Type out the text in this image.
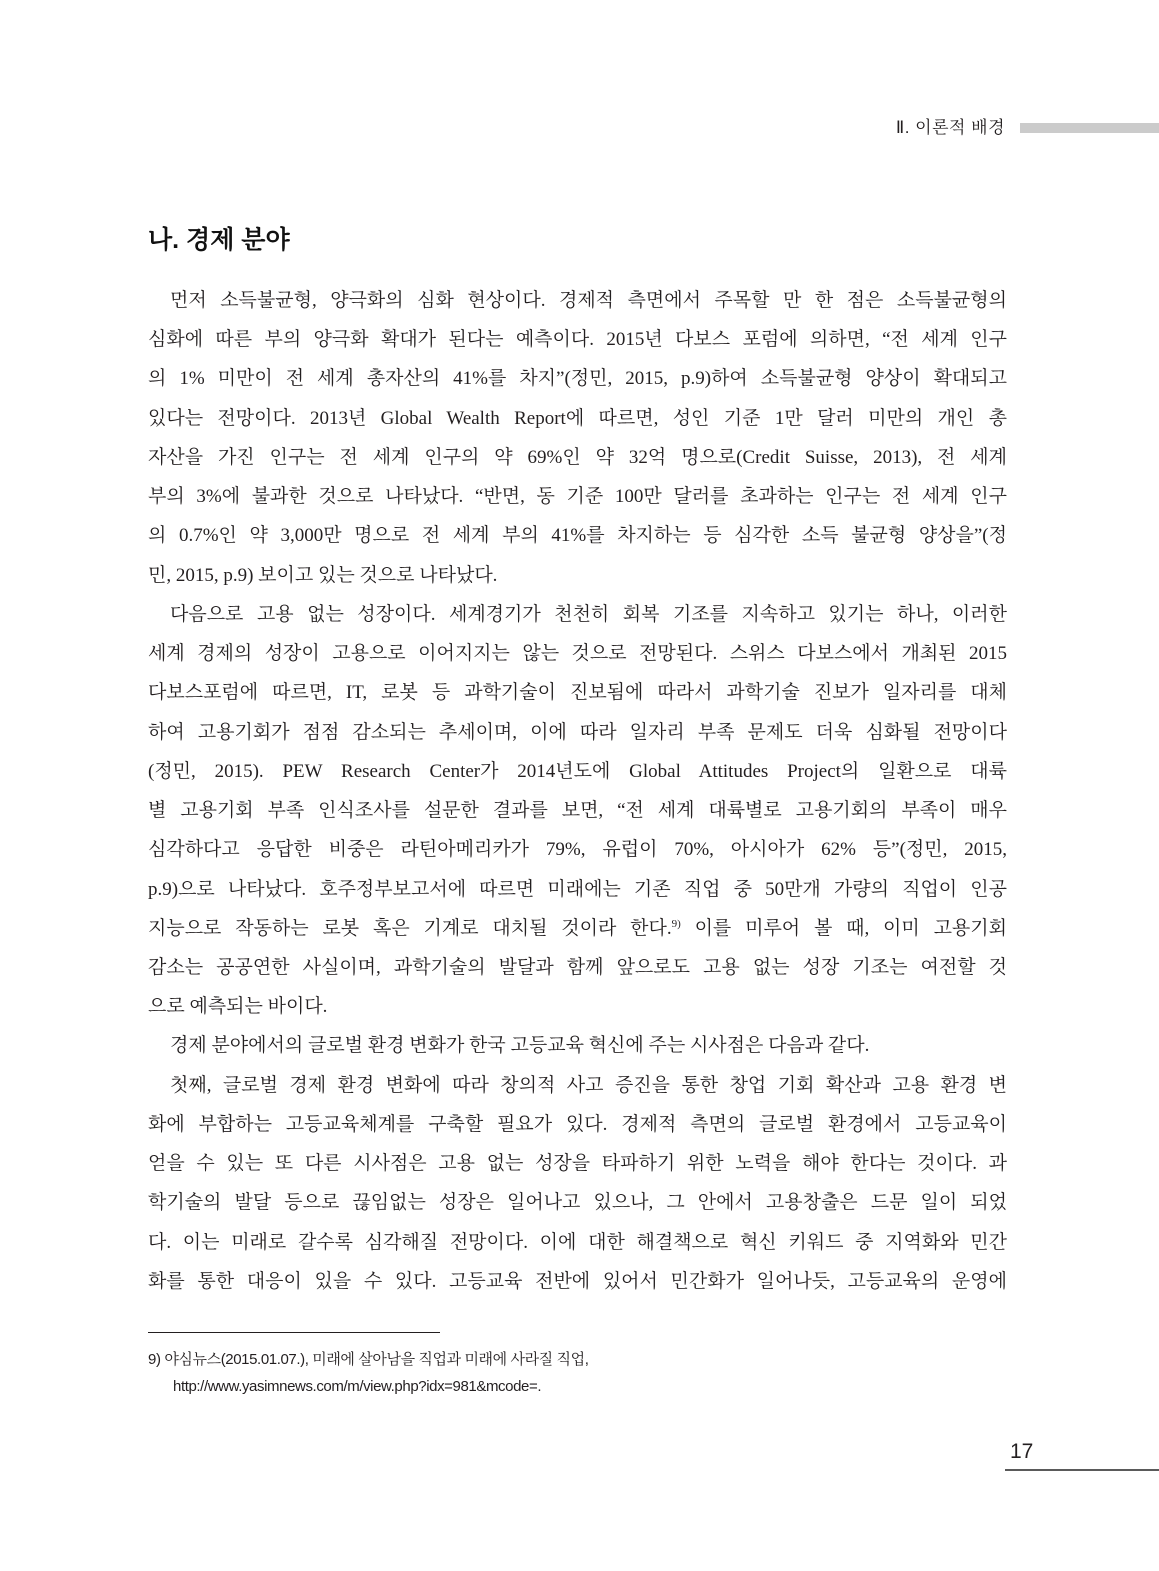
Ⅱ. 이론적 배경
나. 경제 분야
먼저 소득불균형, 양극화의 심화 현상이다. 경제적 측면에서 주목할 만 한 점은 소득불균형의
심화에 따른 부의 양극화 확대가 된다는 예측이다. 2015년 다보스 포럼에 의하면, “전 세계 인구
의 1% 미만이 전 세계 총자산의 41%를 차지”(정민, 2015, p.9)하여 소득불균형 양상이 확대되고
있다는 전망이다. 2013년 Global Wealth Report에 따르면, 성인 기준 1만 달러 미만의 개인 총
자산을 가진 인구는 전 세계 인구의 약 69%인 약 32억 명으로(Credit Suisse, 2013), 전 세계
부의 3%에 불과한 것으로 나타났다. “반면, 동 기준 100만 달러를 초과하는 인구는 전 세계 인구
의 0.7%인 약 3,000만 명으로 전 세계 부의 41%를 차지하는 등 심각한 소득 불균형 양상을”(정
민, 2015, p.9) 보이고 있는 것으로 나타났다.
다음으로 고용 없는 성장이다. 세계경기가 천천히 회복 기조를 지속하고 있기는 하나, 이러한
세계 경제의 성장이 고용으로 이어지지는 않는 것으로 전망된다. 스위스 다보스에서 개최된 2015
다보스포럼에 따르면, IT, 로봇 등 과학기술이 진보됨에 따라서 과학기술 진보가 일자리를 대체
하여 고용기회가 점점 감소되는 추세이며, 이에 따라 일자리 부족 문제도 더욱 심화될 전망이다
(정민, 2015). PEW Research Center가 2014년도에 Global Attitudes Project의 일환으로 대륙
별 고용기회 부족 인식조사를 설문한 결과를 보면, “전 세계 대륙별로 고용기회의 부족이 매우
심각하다고 응답한 비중은 라틴아메리카가 79%, 유럽이 70%, 아시아가 62% 등”(정민, 2015,
p.9)으로 나타났다. 호주정부보고서에 따르면 미래에는 기존 직업 중 50만개 가량의 직업이 인공
지능으로 작동하는 로봇 혹은 기계로 대치될 것이라 한다.$^{9)}$ 이를 미루어 볼 때, 이미 고용기회
감소는 공공연한 사실이며, 과학기술의 발달과 함께 앞으로도 고용 없는 성장 기조는 여전할 것
으로 예측되는 바이다.
경제 분야에서의 글로벌 환경 변화가 한국 고등교육 혁신에 주는 시사점은 다음과 같다.
첫째, 글로벌 경제 환경 변화에 따라 창의적 사고 증진을 통한 창업 기회 확산과 고용 환경 변
화에 부합하는 고등교육체계를 구축할 필요가 있다. 경제적 측면의 글로벌 환경에서 고등교육이
얻을 수 있는 또 다른 시사점은 고용 없는 성장을 타파하기 위한 노력을 해야 한다는 것이다. 과
학기술의 발달 등으로 끊임없는 성장은 일어나고 있으나, 그 안에서 고용창출은 드문 일이 되었
다. 이는 미래로 갈수록 심각해질 전망이다. 이에 대한 해결책으로 혁신 키워드 중 지역화와 민간
화를 통한 대응이 있을 수 있다. 고등교육 전반에 있어서 민간화가 일어나듯, 고등교육의 운영에
9) 야심뉴스(2015.01.07.), 미래에 살아남을 직업과 미래에 사라질 직업,
http://www.yasimnews.com/m/view.php?idx=981&mcode=.
17
